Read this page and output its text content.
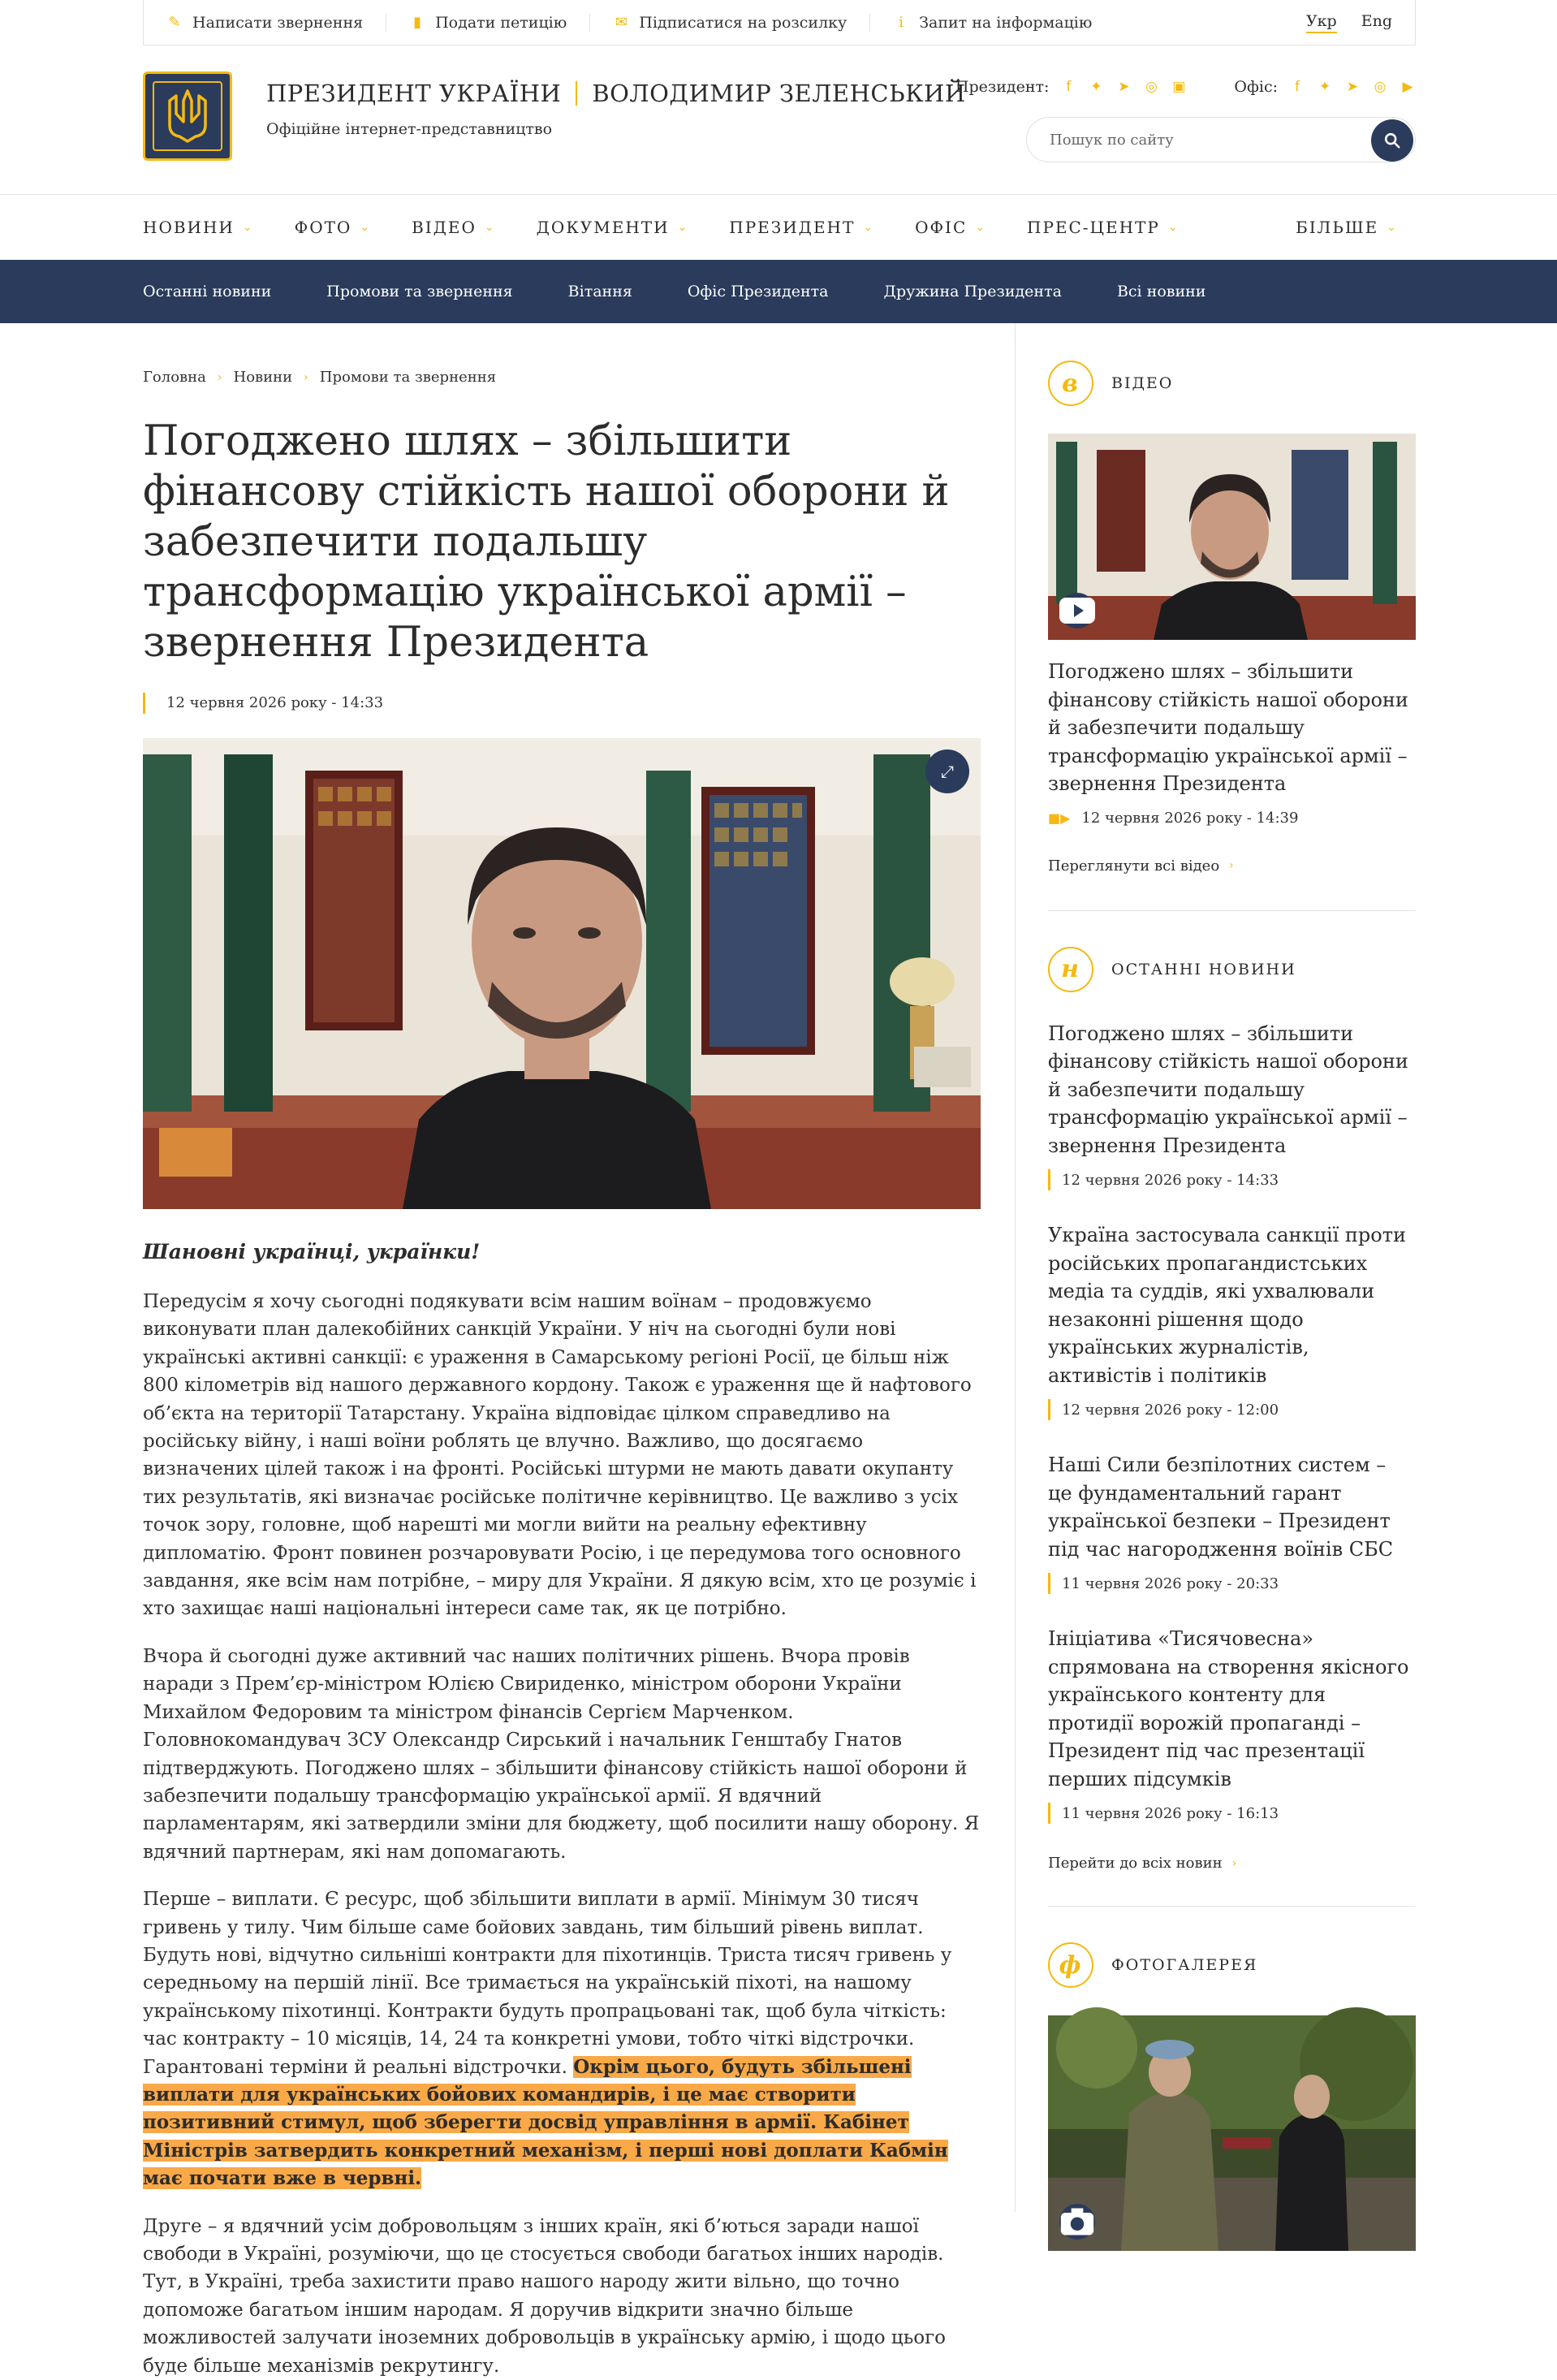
✎ Написати звернення	▮ Подати петицію	✉ Підписатися на розсилку	i	Запит на інформацію	Укр Eng
ПРЕЗИДЕНТ УКРАЇНИ ВОЛОДИМИР ЗЕЛЕНСЬКИЙ
Офіційне інтернет-представництво
Президент:	f	✦ ➤ ◎ ▣	Офіс:	f	✦ ➤ ◎ ▶
Пошук по сайту
НОВИНИ ⌄	ФОТО ⌄	ВІДЕО ⌄	ДОКУМЕНТИ ⌄	ПРЕЗИДЕНТ ⌄	ОФІС ⌄	ПРЕС-ЦЕНТР ⌄	БІЛЬШЕ ⌄
Останні новини	Промови та звернення	Вітання	Офіс Президента	Дружина Президента	Всі новини
Головна › Новини › Промови та звернення
Погоджено шлях – збільшити фінансову стійкість нашої оборони й забезпечити подальшу трансформацію української армії – звернення Президента
12 червня 2026 року - 14:33
⤢
Шановні українці, українки!

Передусім я хочу сьогодні подякувати всім нашим воїнам – продовжуємо виконувати план далекобійних санкцій України. У ніч на сьогодні були нові українські активні санкції: є ураження в Самарському регіоні Росії, це більш ніж 800 кілометрів від нашого державного кордону. Також є ураження ще й нафтового об’єкта на території Татарстану. Україна відповідає цілком справедливо на російську війну, і наші воїни роблять це влучно. Важливо, що досягаємо визначених цілей також і на фронті. Російські штурми не мають давати окупанту тих результатів, які визначає російське політичне керівництво. Це важливо з усіх точок зору, головне, щоб нарешті ми могли вийти на реальну ефективну дипломатію. Фронт повинен розчаровувати Росію, і це передумова того основного завдання, яке всім нам потрібне, – миру для України. Я дякую всім, хто це розуміє і хто захищає наші національні інтереси саме так, як це потрібно.

Вчора й сьогодні дуже активний час наших політичних рішень. Вчора провів наради з Прем’єр-міністром Юлією Свириденко, міністром оборони України Михайлом Федоровим та міністром фінансів Сергієм Марченком. Головнокомандувач ЗСУ Олександр Сирський і начальник Генштабу Гнатов підтверджують. Погоджено шлях – збільшити фінансову стійкість нашої оборони й забезпечити подальшу трансформацію української армії. Я вдячний парламентарям, які затвердили зміни для бюджету, щоб посилити нашу оборону. Я вдячний партнерам, які нам допомагають.

Перше – виплати. Є ресурс, щоб збільшити виплати в армії. Мінімум 30 тисяч гривень у тилу. Чим більше саме бойових завдань, тим більший рівень виплат. Будуть нові, відчутно сильніші контракти для піхотинців. Триста тисяч гривень у середньому на першій лінії. Все тримається на українській піхоті, на нашому українському піхотинці. Контракти будуть пропрацьовані так, щоб була чіткість: час контракту – 10 місяців, 14, 24 та конкретні умови, тобто чіткі відстрочки. Гарантовані терміни й реальні відстрочки. Окрім цього, будуть збільшені виплати для українських бойових командирів, і це має створити позитивний стимул, щоб зберегти досвід управління в армії. Кабінет Міністрів затвердить конкретний механізм, і перші нові доплати Кабмін має почати вже в червні.

Друге – я вдячний усім добровольцям з інших країн, які б’ються заради нашої свободи в Україні, розуміючи, що це стосується свободи багатьох інших народів. Тут, в Україні, треба захистити право нашого народу жити вільно, що точно допоможе багатьом іншим народам. Я доручив відкрити значно більше можливостей залучати іноземних добровольців в українську армію, і щодо цього буде більше механізмів рекрутингу.

в	ВІДЕО
Погоджено шлях – збільшити фінансову стійкість нашої оборони й забезпечити подальшу трансформацію української армії – звернення Президента
■▶ 12 червня 2026 року - 14:39
Переглянути всі відео ›
н	ОСТАННІ НОВИНИ
Погоджено шлях – збільшити фінансову стійкість нашої оборони й забезпечити подальшу трансформацію української армії – звернення Президента
12 червня 2026 року - 14:33
Україна застосувала санкції проти російських пропагандистських медіа та суддів, які ухвалювали незаконні рішення щодо українських журналістів, активістів і політиків
12 червня 2026 року - 12:00
Наші Сили безпілотних систем – це фундаментальний гарант української безпеки – Президент під час нагородження воїнів СБС
11 червня 2026 року - 20:33
Ініціатива «Тисячовесна» спрямована на створення якісного українського контенту для протидії ворожій пропаганді – Президент під час презентації перших підсумків
11 червня 2026 року - 16:13
Перейти до всіх новин ›
ф	ФОТОГАЛЕРЕЯ
